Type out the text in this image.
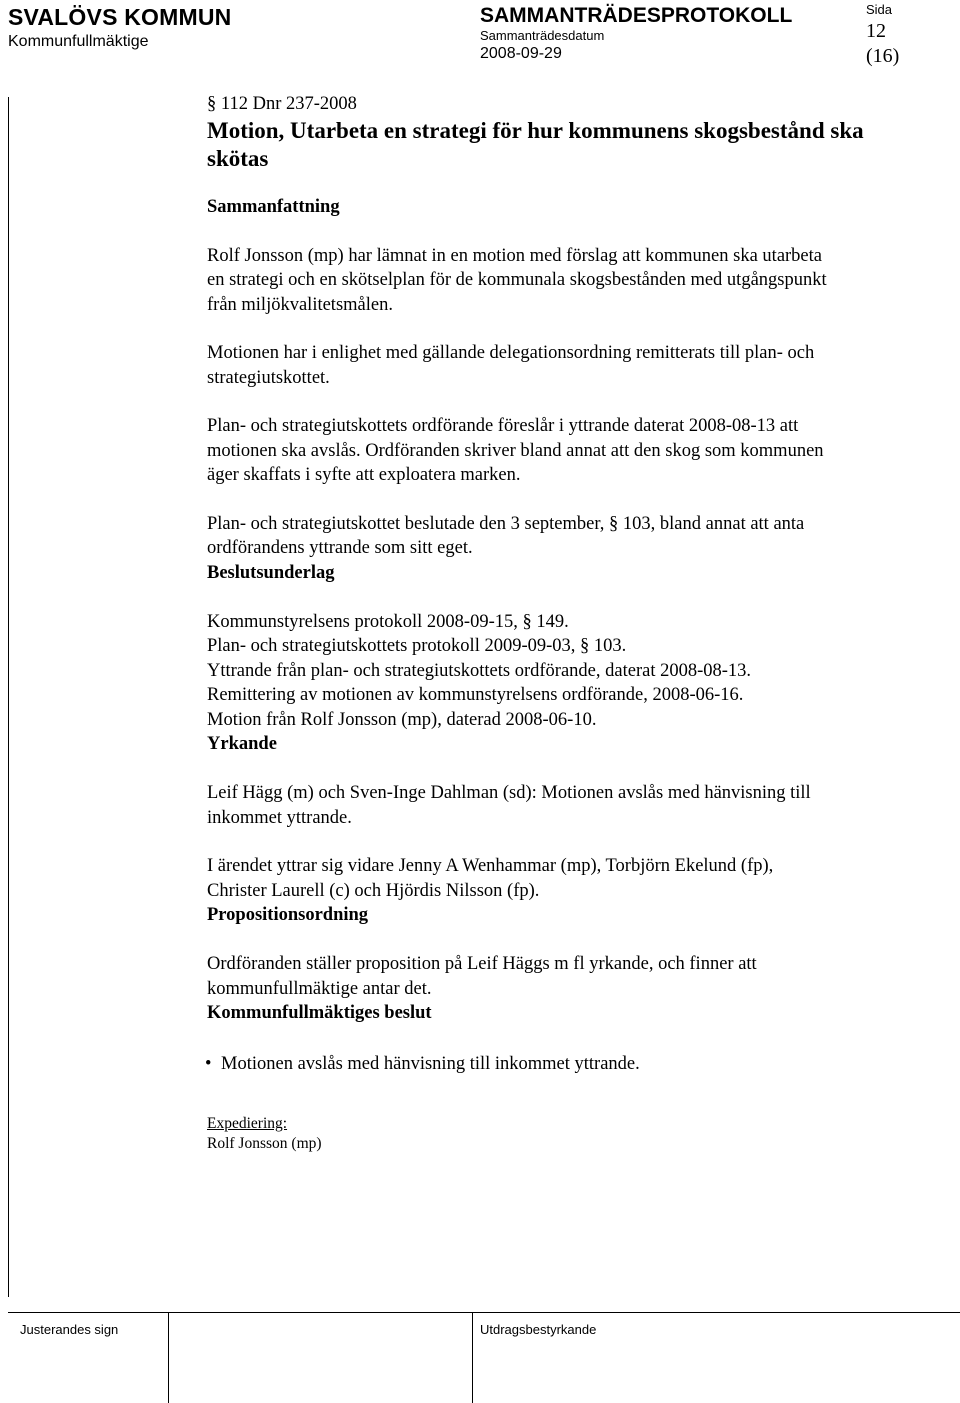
SVALÖVS KOMMUN
Kommunfullmäktige
SAMMANTRÄDESPROTOKOLL
Sammanträdesdatum
2008-09-29
Sida
12
(16)

§ 112 Dnr 237-2008

Motion, Utarbeta en strategi för hur kommunens skogsbestånd ska

skötas

Sammanfattning

Rolf Jonsson (mp) har lämnat in en motion med förslag att kommunen ska utarbeta

en strategi och en skötselplan för de kommunala skogsbestånden med utgångspunkt

från miljökvalitetsmålen.

Motionen har i enlighet med gällande delegationsordning remitterats till plan- och

strategiutskottet.

Plan- och strategiutskottets ordförande föreslår i yttrande daterat 2008-08-13 att

motionen ska avslås. Ordföranden skriver bland annat att den skog som kommunen

äger skaffats i syfte att exploatera marken.

Plan- och strategiutskottet beslutade den 3 september, § 103, bland annat att anta

ordförandens yttrande som sitt eget.

Beslutsunderlag

Kommunstyrelsens protokoll 2008-09-15, § 149.

Plan- och strategiutskottets protokoll 2009-09-03, § 103.

Yttrande från plan- och strategiutskottets ordförande, daterat 2008-08-13.

Remittering av motionen av kommunstyrelsens ordförande, 2008-06-16.

Motion från Rolf Jonsson (mp), daterad 2008-06-10.

Yrkande

Leif Hägg (m) och Sven-Inge Dahlman (sd): Motionen avslås med hänvisning till

inkommet yttrande.

I ärendet yttrar sig vidare Jenny A Wenhammar (mp), Torbjörn Ekelund (fp),

Christer Laurell (c) och Hjördis Nilsson (fp).

Propositionsordning

Ordföranden ställer proposition på Leif Häggs m fl yrkande, och finner att

kommunfullmäktige antar det.

Kommunfullmäktiges beslut

• Motionen avslås med hänvisning till inkommet yttrande.

Expediering:

Rolf Jonsson (mp)

Justerandes sign	Utdragsbestyrkande
